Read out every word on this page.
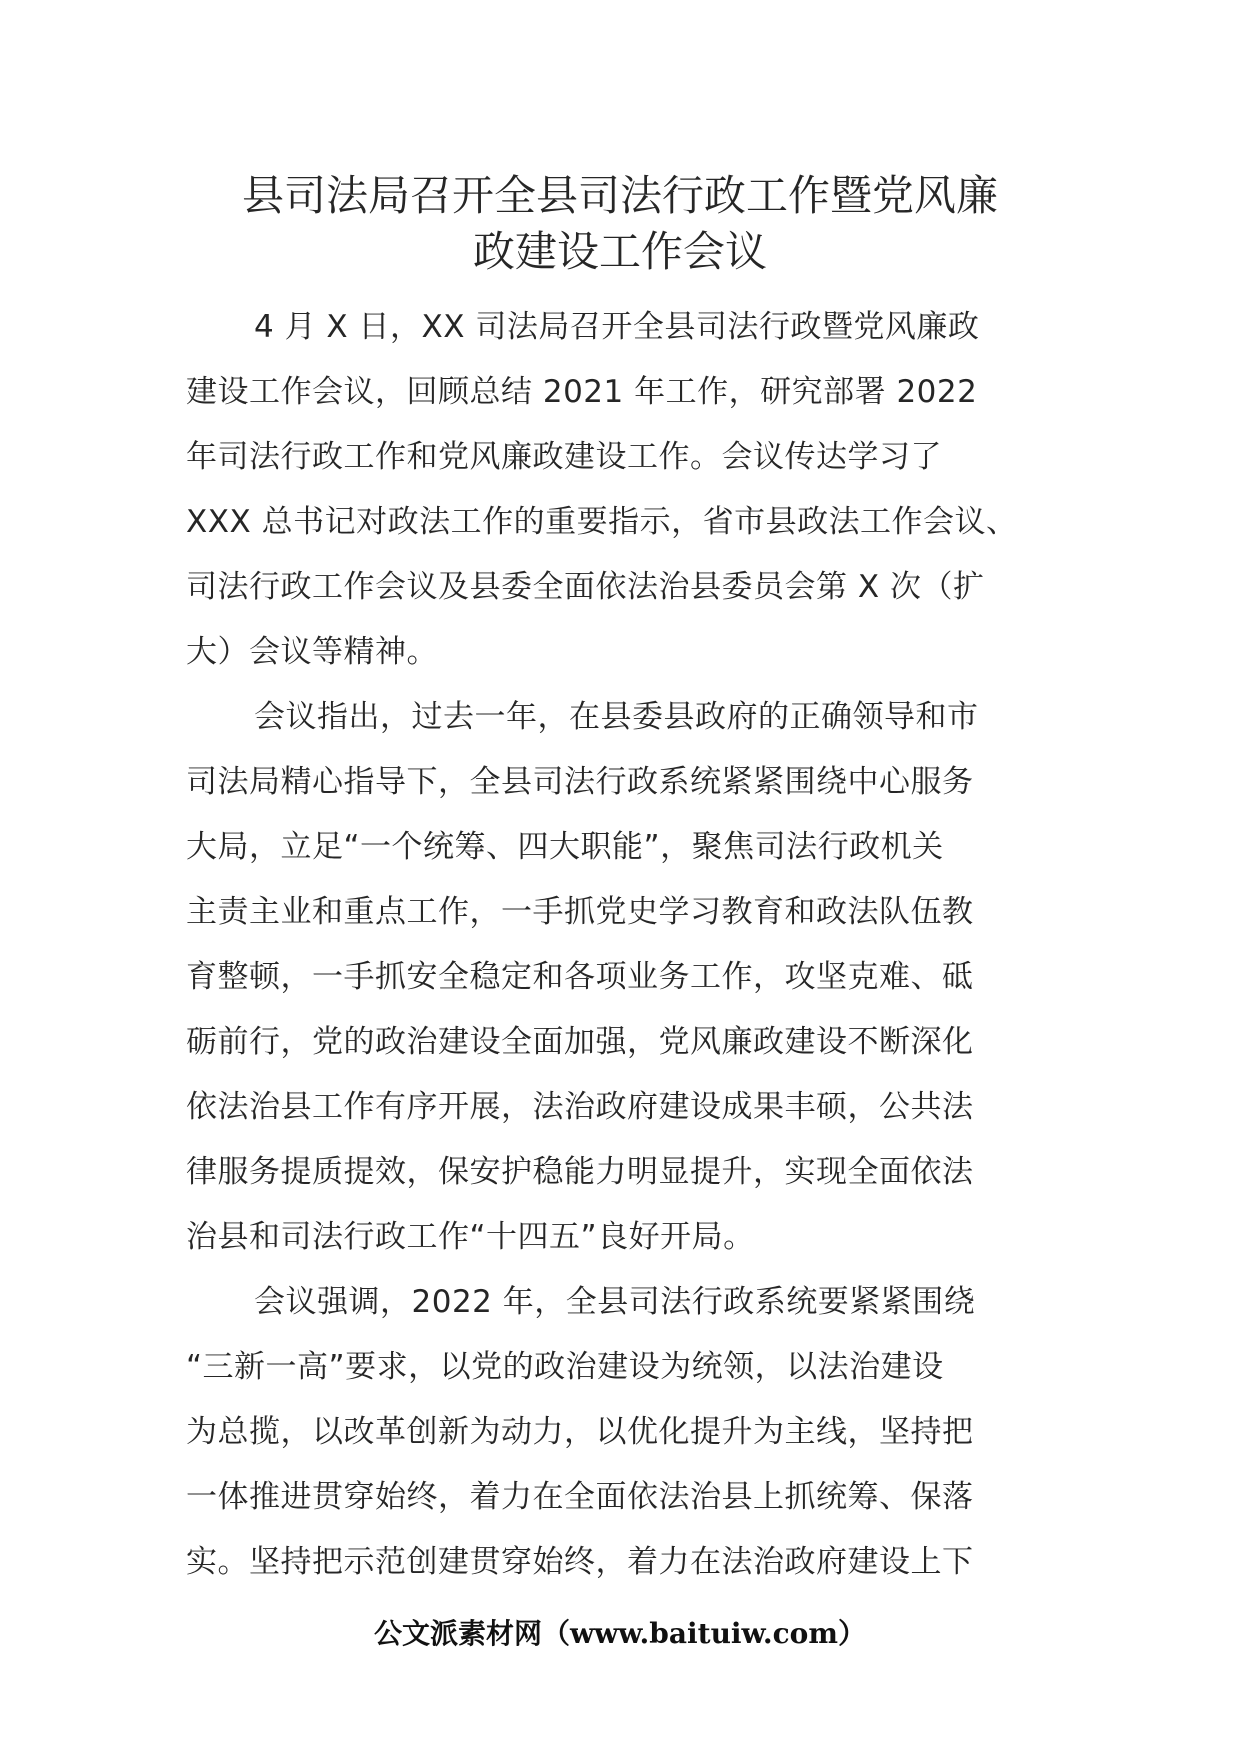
县司法局召开全县司法行政工作暨党风廉
政建设工作会议
4 月 X 日，XX 司法局召开全县司法行政暨党风廉政
建设工作会议，回顾总结 2021 年工作，研究部署 2022
年司法行政工作和党风廉政建设工作。会议传达学习了
XXX 总书记对政法工作的重要指示，省市县政法工作会议、
司法行政工作会议及县委全面依法治县委员会第 X 次（扩
大）会议等精神。
会议指出，过去一年，在县委县政府的正确领导和市
司法局精心指导下，全县司法行政系统紧紧围绕中心服务
大局，立足“一个统筹、四大职能”，聚焦司法行政机关
主责主业和重点工作，一手抓党史学习教育和政法队伍教
育整顿，一手抓安全稳定和各项业务工作，攻坚克难、砥
砺前行，党的政治建设全面加强，党风廉政建设不断深化
依法治县工作有序开展，法治政府建设成果丰硕，公共法
律服务提质提效，保安护稳能力明显提升，实现全面依法
治县和司法行政工作“十四五”良好开局。
会议强调，2022 年，全县司法行政系统要紧紧围绕
“三新一高”要求，以党的政治建设为统领，以法治建设
为总揽，以改革创新为动力，以优化提升为主线，坚持把
一体推进贯穿始终，着力在全面依法治县上抓统筹、保落
实。坚持把示范创建贯穿始终，着力在法治政府建设上下
公文派素材网（www.baituiw.com）
